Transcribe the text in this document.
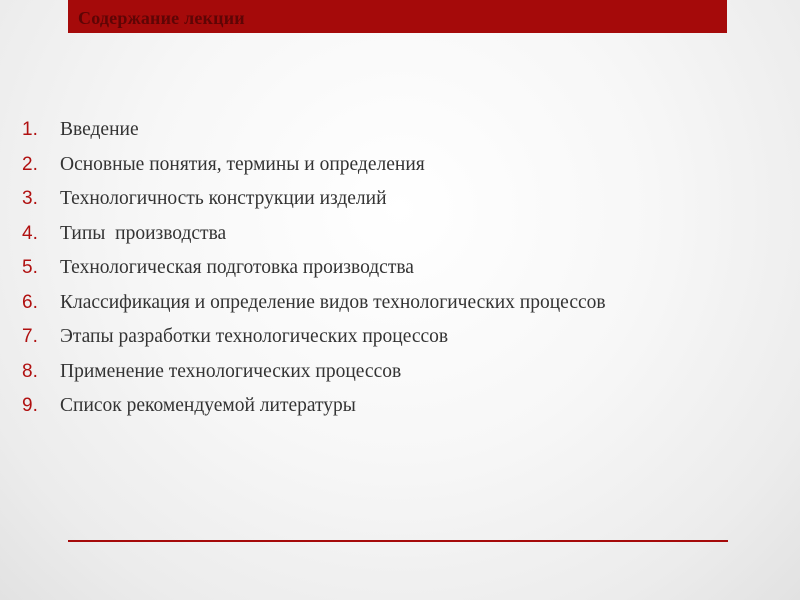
Содержание лекции
1.	Введение
2.	Основные понятия, термины и определения
3.	Технологичность конструкции изделий
4.	Типы  производства
5.	Технологическая подготовка производства
6.	Классификация и определение видов технологических процессов
7.	Этапы разработки технологических процессов
8.	Применение технологических процессов
9.	Список рекомендуемой литературы
